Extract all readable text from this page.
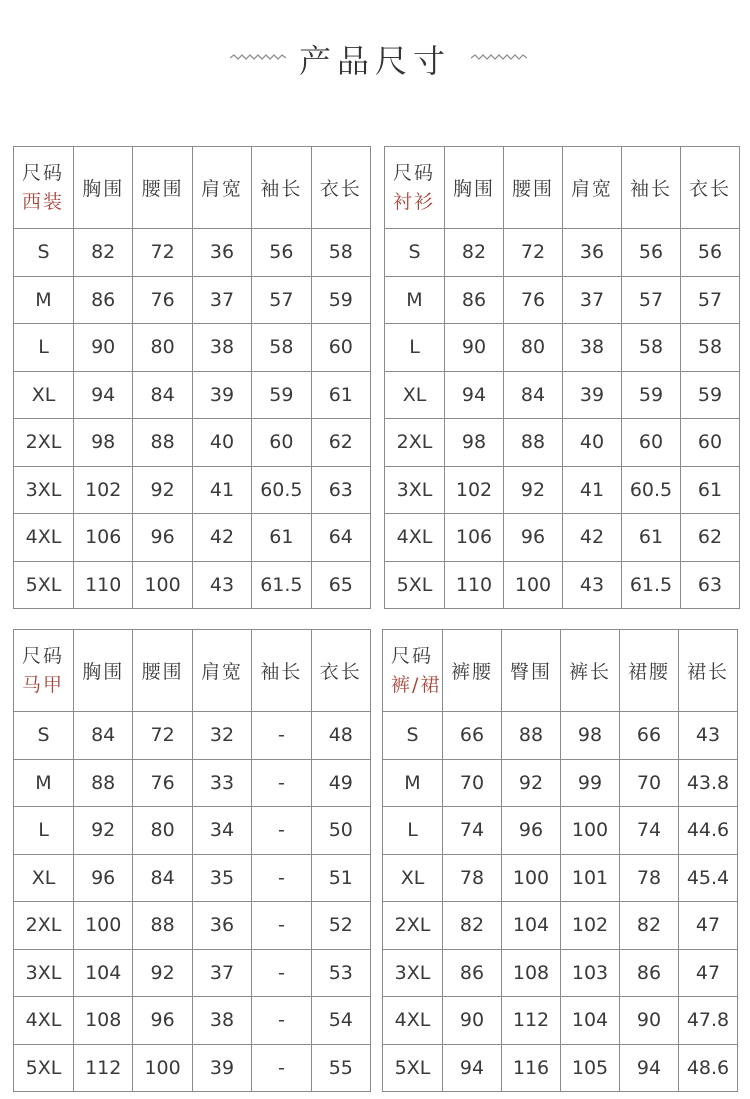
产品尺寸
尺码
西装	胸围	腰围	肩宽	袖长	衣长
S	82	72	36	56	58
M	86	76	37	57	59
L	90	80	38	58	60
XL	94	84	39	59	61
2XL	98	88	40	60	62
3XL	102	92	41	60.5	63
4XL	106	96	42	61	64
5XL	110	100	43	61.5	65
尺码
衬衫	胸围	腰围	肩宽	袖长	衣长
S	82	72	36	56	56
M	86	76	37	57	57
L	90	80	38	58	58
XL	94	84	39	59	59
2XL	98	88	40	60	60
3XL	102	92	41	60.5	61
4XL	106	96	42	61	62
5XL	110	100	43	61.5	63
尺码
马甲	胸围	腰围	肩宽	袖长	衣长
S	84	72	32	-	48
M	88	76	33	-	49
L	92	80	34	-	50
XL	96	84	35	-	51
2XL	100	88	36	-	52
3XL	104	92	37	-	53
4XL	108	96	38	-	54
5XL	112	100	39	-	55
尺码
裤/裙	裤腰	臀围	裤长	裙腰	裙长
S	66	88	98	66	43
M	70	92	99	70	43.8
L	74	96	100	74	44.6
XL	78	100	101	78	45.4
2XL	82	104	102	82	47
3XL	86	108	103	86	47
4XL	90	112	104	90	47.8
5XL	94	116	105	94	48.6
